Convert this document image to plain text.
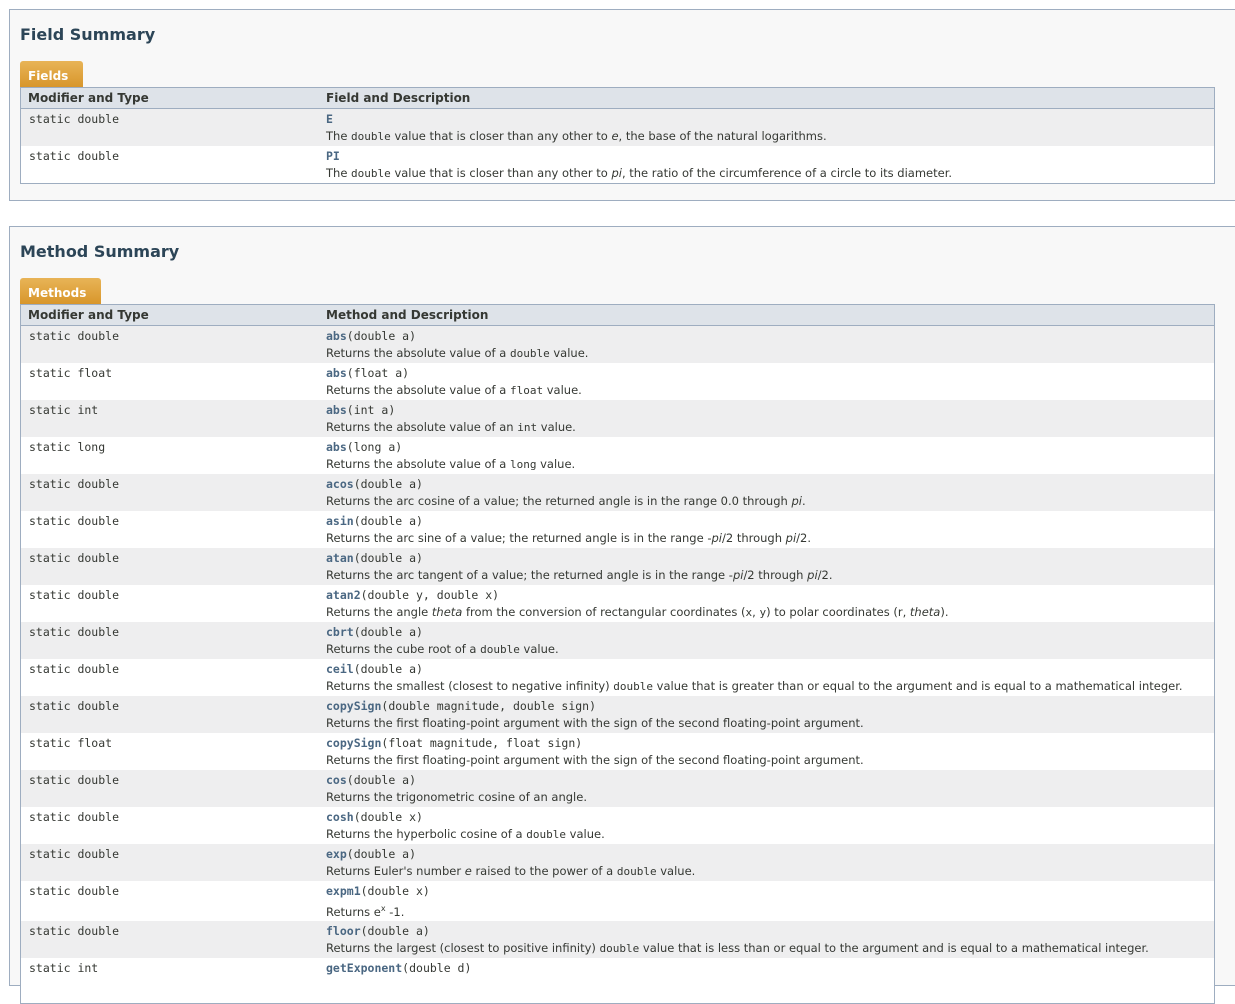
Field Summary
Fields
Modifier and Type	Field and Description
static double	E
The double value that is closer than any other to e, the base of the natural logarithms.
static double	PI
The double value that is closer than any other to pi, the ratio of the circumference of a circle to its diameter.
Method Summary
Methods
Modifier and Type	Method and Description
static double	abs(double a)
Returns the absolute value of a double value.
static float	abs(float a)
Returns the absolute value of a float value.
static int	abs(int a)
Returns the absolute value of an int value.
static long	abs(long a)
Returns the absolute value of a long value.
static double	acos(double a)
Returns the arc cosine of a value; the returned angle is in the range 0.0 through pi.
static double	asin(double a)
Returns the arc sine of a value; the returned angle is in the range -pi/2 through pi/2.
static double	atan(double a)
Returns the arc tangent of a value; the returned angle is in the range -pi/2 through pi/2.
static double	atan2(double y, double x)
Returns the angle theta from the conversion of rectangular coordinates (x, y) to polar coordinates (r, theta).
static double	cbrt(double a)
Returns the cube root of a double value.
static double	ceil(double a)
Returns the smallest (closest to negative infinity) double value that is greater than or equal to the argument and is equal to a mathematical integer.
static double	copySign(double magnitude, double sign)
Returns the first floating-point argument with the sign of the second floating-point argument.
static float	copySign(float magnitude, float sign)
Returns the first floating-point argument with the sign of the second floating-point argument.
static double	cos(double a)
Returns the trigonometric cosine of an angle.
static double	cosh(double x)
Returns the hyperbolic cosine of a double value.
static double	exp(double a)
Returns Euler's number e raised to the power of a double value.
static double	expm1(double x)
Returns $e^x$ -1.
static double	floor(double a)
Returns the largest (closest to positive infinity) double value that is less than or equal to the argument and is equal to a mathematical integer.
static int	getExponent(double d)
